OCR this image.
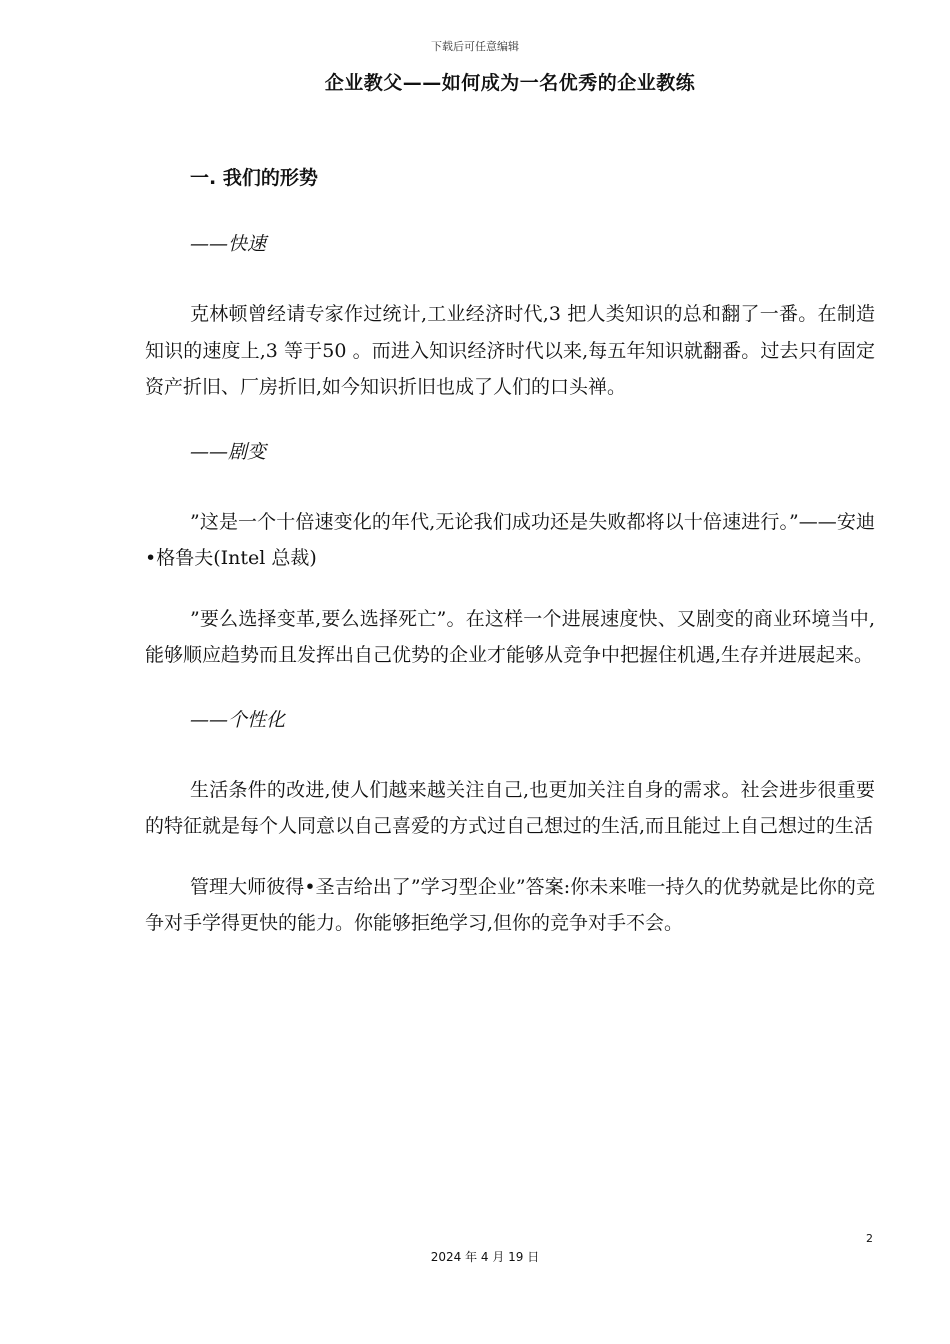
下载后可任意编辑
企业教父——如何成为一名优秀的企业教练
一. 我们的形势
——快速

克林顿曾经请专家作过统计,工业经济时代,3 把人类知识的总和翻了一番。在制造知识的速度上,3 等于50 。而进入知识经济时代以来,每五年知识就翻番。过去只有固定资产折旧、厂房折旧,如今知识折旧也成了人们的口头禅。

——剧变

”这是一个十倍速变化的年代,无论我们成功还是失败都将以十倍速进行。”——安迪•格鲁夫(Intel 总裁)

”要么选择变革,要么选择死亡”。在这样一个进展速度快、又剧变的商业环境当中,能够顺应趋势而且发挥出自己优势的企业才能够从竞争中把握住机遇,生存并进展起来。

——个性化

生活条件的改进,使人们越来越关注自己,也更加关注自身的需求。社会进步很重要的特征就是每个人同意以自己喜爱的方式过自己想过的生活,而且能过上自己想过的生活

管理大师彼得•圣吉给出了”学习型企业”答案:你未来唯一持久的优势就是比你的竞争对手学得更快的能力。你能够拒绝学习,但你的竞争对手不会。

2
2024 年 4 月 19 日
